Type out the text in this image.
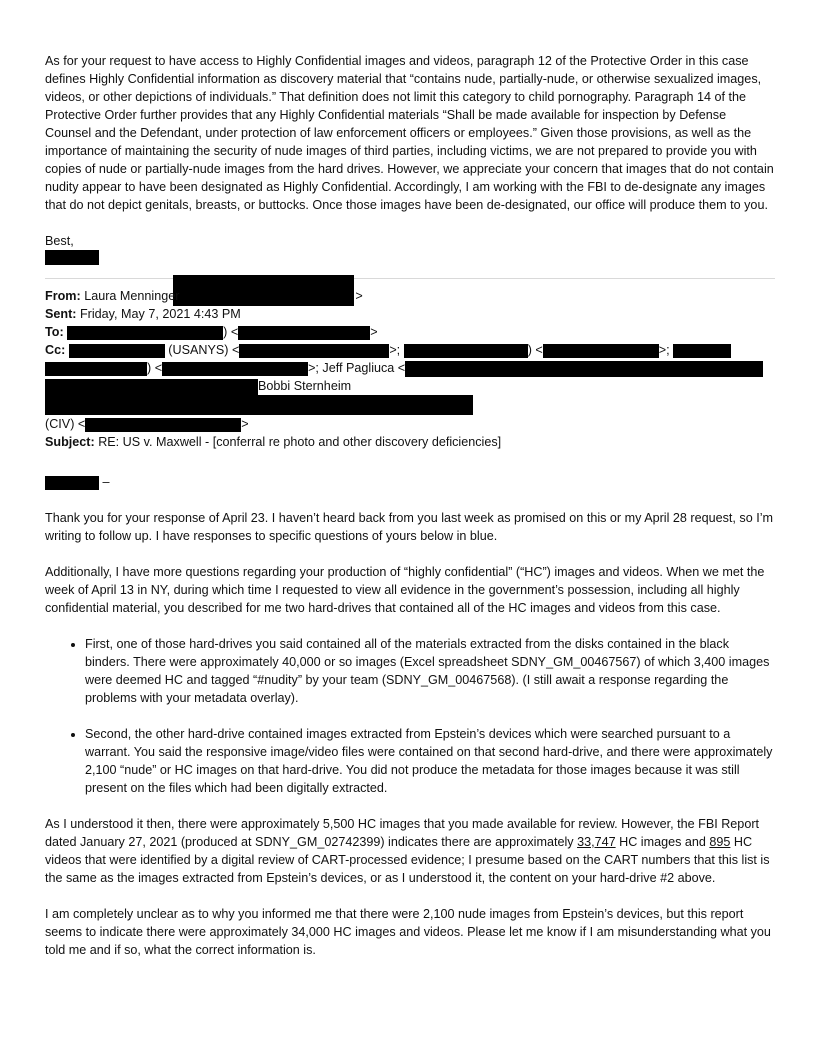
As for your request to have access to Highly Confidential images and videos, paragraph 12 of the Protective Order in this case defines Highly Confidential information as discovery material that “contains nude, partially-nude, or otherwise sexualized images, videos, or other depictions of individuals.” That definition does not limit this category to child pornography. Paragraph 14 of the Protective Order further provides that any Highly Confidential materials “Shall be made available for inspection by Defense Counsel and the Defendant, under protection of law enforcement officers or employees.” Given those provisions, as well as the importance of maintaining the security of nude images of third parties, including victims, we are not prepared to provide you with copies of nude or partially-nude images from the hard drives. However, we appreciate your concern that images that do not contain nudity appear to have been designated as Highly Confidential. Accordingly, I am working with the FBI to de-designate any images that do not depict genitals, breasts, or buttocks. Once those images have been de-designated, our office will produce them to you.

Best,

From: Laura Menninger	>
Sent: Friday, May 7, 2021 4:43 PM
To:	) <	>
Cc:	(USANYS) <	>;	) <	>;
) <	>; Jeff Pagliuca <
Bobbi Sternheim
(CIV) <	>
Subject: RE: US v. Maxwell - [conferral re photo and other discovery deficiencies]
–

Thank you for your response of April 23. I haven’t heard back from you last week as promised on this or my April 28 request, so I’m writing to follow up. I have responses to specific questions of yours below in blue.

Additionally, I have more questions regarding your production of “highly confidential” (“HC”) images and videos. When we met the week of April 13 in NY, during which time I requested to view all evidence in the government’s possession, including all highly confidential material, you described for me two hard-drives that contained all of the HC images and videos from this case.

• First, one of those hard-drives you said contained all of the materials extracted from the disks contained in the black binders. There were approximately 40,000 or so images (Excel spreadsheet SDNY_GM_00467567) of which 3,400 images were deemed HC and tagged “#nudity” by your team (SDNY_GM_00467568). (I still await a response regarding the problems with your metadata overlay).
• Second, the other hard-drive contained images extracted from Epstein’s devices which were searched pursuant to a warrant. You said the responsive image/video files were contained on that second hard-drive, and there were approximately 2,100 “nude” or HC images on that hard-drive. You did not produce the metadata for those images because it was still present on the files which had been digitally extracted.

As I understood it then, there were approximately 5,500 HC images that you made available for review. However, the FBI Report dated January 27, 2021 (produced at SDNY_GM_02742399) indicates there are approximately 33,747 HC images and 895 HC videos that were identified by a digital review of CART-processed evidence; I presume based on the CART numbers that this list is the same as the images extracted from Epstein’s devices, or as I understood it, the content on your hard-drive #2 above.

I am completely unclear as to why you informed me that there were 2,100 nude images from Epstein’s devices, but this report seems to indicate there were approximately 34,000 HC images and videos. Please let me know if I am misunderstanding what you told me and if so, what the correct information is.
